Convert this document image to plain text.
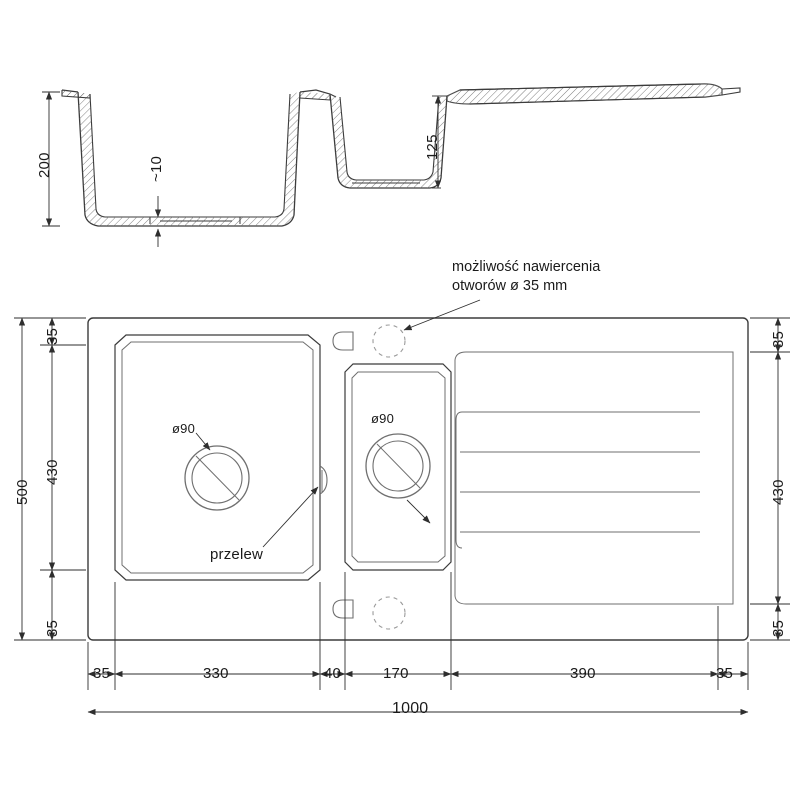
200	~10
125
możliwość nawiercenia
otworów ø 35 mm
500
35
430
35
35
430
35
35	330	40	170	390	35
1000
ø90
ø90
przelew
